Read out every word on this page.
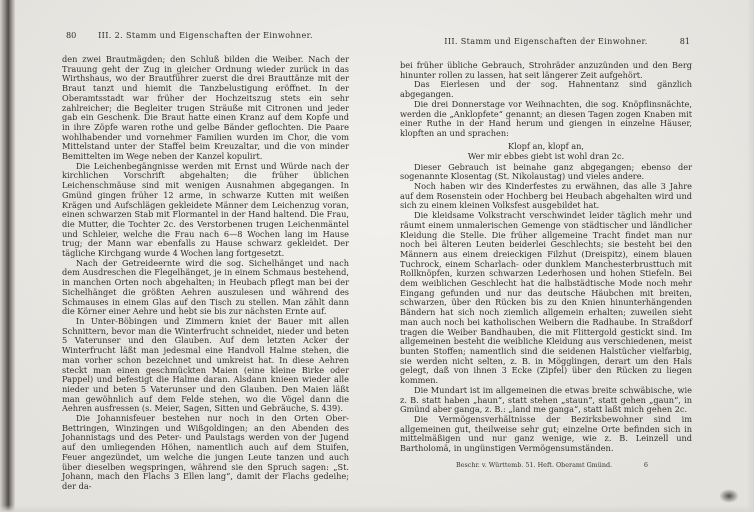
80	III. 2. Stamm und Eigenschaften der Einwohner.

den zwei Brautmägden; den Schluß bilden die Weiber. Nach der Trauung geht der Zug in gleicher Ordnung wieder zurück in das Wirthshaus, wo der Brautführer zuerst die drei Brauttänze mit der Braut tanzt und hiemit die Tanzbelustigung eröffnet. In der Oberamtsstadt war früher der Hochzeitszug stets ein sehr zahlreicher; die Begleiter trugen Sträuße mit Citronen und jeder gab ein Geschenk. Die Braut hatte einen Kranz auf dem Kopfe und in ihre Zöpfe waren rothe und gelbe Bänder geflochten. Die Paare wohlhabender und vornehmer Familien wurden im Chor, die vom Mittelstand unter der Staffel beim Kreuzaltar, und die von minder Bemittelten im Wege neben der Kanzel kopulirt.

Die Leichenbegängnisse werden mit Ernst und Würde nach der kirchlichen Vorschrift abgehalten; die früher üblichen Leichenschmäuse sind mit wenigen Ausnahmen abgegangen. In Gmünd gingen früher 12 arme, in schwarze Kutten mit weißen Krägen und Aufschlägen gekleidete Männer dem Leichenzug voran, einen schwarzen Stab mit Flormantel in der Hand haltend. Die Frau, die Mutter, die Tochter 2c. des Verstorbenen trugen Leichenmäntel und Schleier, welche die Frau nach 6—8 Wochen lang im Hause trug; der Mann war ebenfalls zu Hause schwarz gekleidet. Der tägliche Kirchgang wurde 4 Wochen lang fortgesetzt.

Nach der Getreideernte wird die sog. Sichelhänget und nach dem Ausdreschen die Flegelhänget, je in einem Schmaus bestehend, in manchen Orten noch abgehalten; in Heubach pflegt man bei der Sichelhänget die größten Aehren auszulesen und während des Schmauses in einem Glas auf den Tisch zu stellen. Man zählt dann die Körner einer Aehre und hebt sie bis zur nächsten Ernte auf.

In Unter-Böbingen und Zimmern kniet der Bauer mit allen Schnittern, bevor man die Winterfrucht schneidet, nieder und beten 5 Vaterunser und den Glauben. Auf dem letzten Acker der Winterfrucht läßt man jedesmal eine Handvoll Halme stehen, die man vorher schon bezeichnet und umkreist hat. In diese Aehren steckt man einen geschmückten Maien (eine kleine Birke oder Pappel) und befestigt die Halme daran. Alsdann knieen wieder alle nieder und beten 5 Vaterunser und den Glauben. Den Maien läßt man gewöhnlich auf dem Felde stehen, wo die Vögel dann die Aehren ausfressen (s. Meier, Sagen, Sitten und Gebräuche, S. 439).

Die Johannisfeuer bestehen nur noch in den Orten Ober-Bettringen, Winzingen und Wißgoldingen; an den Abenden des Johannistags und des Peter- und Paulstags werden von der Jugend auf den umliegenden Höhen, namentlich auch auf dem Stuifen, Feuer angezündet, um welche die jungen Leute tanzen und auch über dieselben wegspringen, während sie den Spruch sagen: „St. Johann, mach den Flachs 3 Ellen lang“, damit der Flachs gedeihe; der da-

III. Stamm und Eigenschaften der Einwohner.	81

bei früher übliche Gebrauch, Strohräder anzuzünden und den Berg hinunter rollen zu lassen, hat seit längerer Zeit aufgehört.

Das Eierlesen und der sog. Hahnentanz sind gänzlich abgegangen.

Die drei Donnerstage vor Weihnachten, die sog. Knöpflinsnächte, werden die „Anklopfete“ genannt; an diesen Tagen zogen Knaben mit einer Ruthe in der Hand herum und giengen in einzelne Häuser, klopften an und sprachen:

Klopf an, klopf an,
Wer mir ebbes giebt ist wohl dran 2c.

Dieser Gebrauch ist beinahe ganz abgegangen; ebenso der sogenannte Klosentag (St. Nikolaustag) und vieles andere.

Noch haben wir des Kinderfestes zu erwähnen, das alle 3 Jahre auf dem Rosenstein oder Hochberg bei Heubach abgehalten wird und sich zu einem kleinen Volksfest ausgebildet hat.

Die kleidsame Volkstracht verschwindet leider täglich mehr und räumt einem unmalerischen Gemenge von städtischer und ländlicher Kleidung die Stelle. Die früher allgemeine Tracht findet man nur noch bei älteren Leuten beiderlei Geschlechts; sie besteht bei den Männern aus einem dreieckigen Filzhut (Dreispitz), einem blauen Tuchrock, einem Scharlach- oder dunklem Manchesterbrusttuch mit Rollknöpfen, kurzen schwarzen Lederhosen und hohen Stiefeln. Bei dem weiblichen Geschlecht hat die halbstädtische Mode noch mehr Eingang gefunden und nur das deutsche Häubchen mit breiten, schwarzen, über den Rücken bis zu den Knien hinunterhängenden Bändern hat sich noch ziemlich allgemein erhalten; zuweilen sieht man auch noch bei katholischen Weibern die Radhaube. In Straßdorf tragen die Weiber Bandhauben, die mit Flittergold gestickt sind. Im allgemeinen besteht die weibliche Kleidung aus verschiedenen, meist bunten Stoffen; namentlich sind die seidenen Halstücher vielfarbig, sie werden nicht selten, z. B. in Mögglingen, derart um den Hals gelegt, daß von ihnen 3 Ecke (Zipfel) über den Rücken zu liegen kommen.

Die Mundart ist im allgemeinen die etwas breite schwäbische, wie z. B. statt haben „haun“, statt stehen „staun“, statt gehen „gaun“, in Gmünd aber ganga, z. B.: „land me ganga“, statt laßt mich gehen 2c.

Die Vermögensverhältnisse der Bezirksbewohner sind im allgemeinen gut, theilweise sehr gut; einzelne Orte befinden sich in mittelmäßigen und nur ganz wenige, wie z. B. Leinzell und Bartholomä, in ungünstigen Vermögensumständen.

Beschr. v. Württemb. 51. Heft. Oberamt Gmünd.	6
